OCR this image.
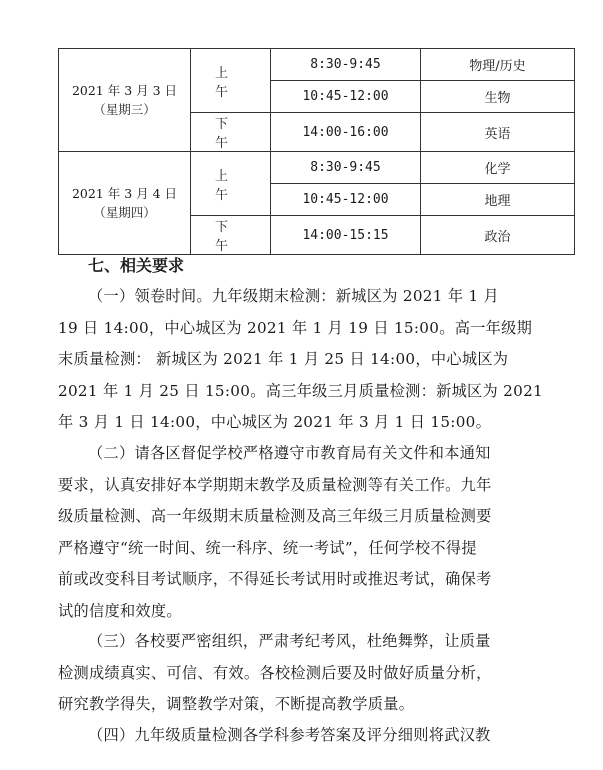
2021 年 3 月 3 日
（星期三）	上 午	8:30-9:45	物理/历史
		10:45-12:00	生物
	下 午	14:00-16:00	英语

2021 年 3 月 4 日
（星期四）	上 午	8:30-9:45	化学
		10:45-12:00	地理
	下 午	14:00-15:15	政治
七、相关要求
（一）领卷时间。九年级期末检测：新城区为 2021 年 1 月
19 日 14:00，中心城区为 2021 年 1 月 19 日 15:00。高一年级期
末质量检测： 新城区为 2021 年 1 月 25 日 14:00，中心城区为
2021 年 1 月 25 日 15:00。高三年级三月质量检测：新城区为 2021
年 3 月 1 日 14:00，中心城区为 2021 年 3 月 1 日 15:00。
（二）请各区督促学校严格遵守市教育局有关文件和本通知
要求，认真安排好本学期期末教学及质量检测等有关工作。九年
级质量检测、高一年级期末质量检测及高三年级三月质量检测要
严格遵守“统一时间、统一科序、统一考试”，任何学校不得提
前或改变科目考试顺序，不得延长考试用时或推迟考试，确保考
试的信度和效度。
（三）各校要严密组织，严肃考纪考风，杜绝舞弊，让质量
检测成绩真实、可信、有效。各校检测后要及时做好质量分析，
研究教学得失，调整教学对策，不断提高教学质量。
（四）九年级质量检测各学科参考答案及评分细则将武汉教
